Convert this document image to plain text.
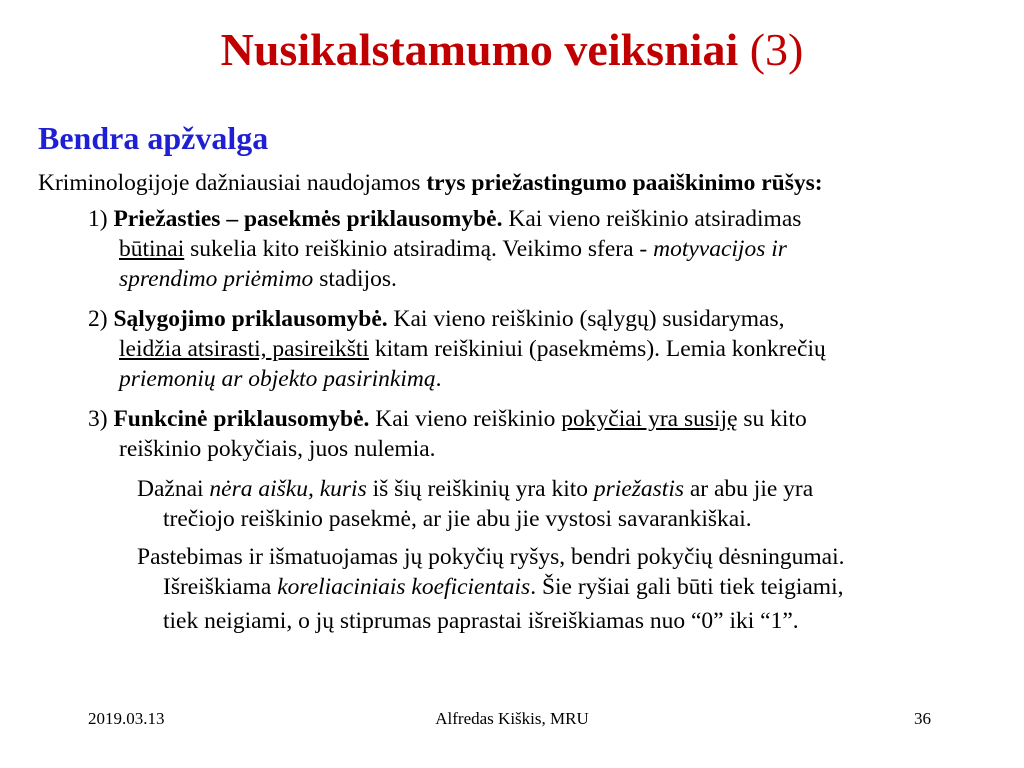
Nusikalstamumo veiksniai (3)
Bendra apžvalga
Kriminologijoje dažniausiai naudojamos trys priežastingumo paaiškinimo rūšys:
1) Priežasties – pasekmės priklausomybė. Kai vieno reiškinio atsiradimas
būtinai sukelia kito reiškinio atsiradimą. Veikimo sfera - motyvacijos ir
sprendimo priėmimo stadijos.
2) Sąlygojimo priklausomybė. Kai vieno reiškinio (sąlygų) susidarymas,
leidžia atsirasti, pasireikšti kitam reiškiniui (pasekmėms). Lemia konkrečių
priemonių ar objekto pasirinkimą.
3) Funkcinė priklausomybė. Kai vieno reiškinio pokyčiai yra susiję su kito
reiškinio pokyčiais, juos nulemia.
Dažnai nėra aišku, kuris iš šių reiškinių yra kito priežastis ar abu jie yra
trečiojo reiškinio pasekmė, ar jie abu jie vystosi savarankiškai.
Pastebimas ir išmatuojamas jų pokyčių ryšys, bendri pokyčių dėsningumai.
Išreiškiama koreliaciniais koeficientais. Šie ryšiai gali būti tiek teigiami,
tiek neigiami, o jų stiprumas paprastai išreiškiamas nuo “0” iki “1”.
2019.03.13	Alfredas Kiškis, MRU	36
